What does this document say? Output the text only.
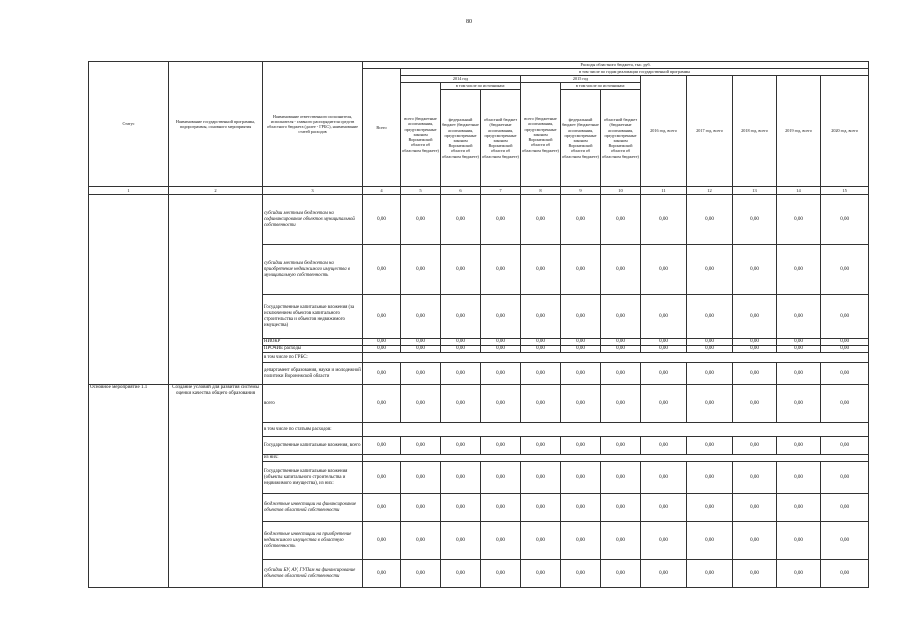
80
Статус	Наименование государственной программы, подпрограммы, основного мероприятия	Наименование ответственного исполнителя, исполнителя - главного распорядителя средств областного бюджета (далее - ГРБС), наименование статей расходов	Расходы областного бюджета, тыс. руб.											
			Всего	в том числе по годам реализации государственной программы										
				2014 год			2015 год			2016 год, всего	2017 год, всего	2018 год, всего	2019 год, всего	2020 год, всего
				всего (бюджетные ассигнования, предусмотренные законом Воронежской области об областном бюджете)	в том числе по источникам:		всего (бюджетные ассигнования, предусмотренные законом Воронежской области об областном бюджете)	в том числе по источникам:						
					федеральный бюджет (бюджетные ассигнования, предусмотренные законом Воронежской области об областном бюджете)	областной бюджет (бюджетные ассигнования, предусмотренные законом Воронежской области об областном бюджете)		федеральный бюджет (бюджетные ассигнования, предусмотренные законом Воронежской области об областном бюджете)	областной бюджет (бюджетные ассигнования, предусмотренные законом Воронежской области об областном бюджете)					
1	2	3	4	5	6	7	8	9	10	11	12	13	14	15
		субсидии местным бюджетам на софинансирование объектов муниципальной собственности	0,00	0,00	0,00	0,00	0,00	0,00	0,00	0,00	0,00	0,00	0,00	0,00
		субсидии местным бюджетам на приобретение недвижимого имущества в муниципальную собственность	0,00	0,00	0,00	0,00	0,00	0,00	0,00	0,00	0,00	0,00	0,00	0,00
		Государственные капитальные вложения (за исключением объектов капитального строительства и объектов недвижимого имущества)	0,00	0,00	0,00	0,00	0,00	0,00	0,00	0,00	0,00	0,00	0,00	0,00
		НИОКР	0,00	0,00	0,00	0,00	0,00	0,00	0,00	0,00	0,00	0,00	0,00	0,00
		ПРОЧИЕ расходы	0,00	0,00	0,00	0,00	0,00	0,00	0,00	0,00	0,00	0,00	0,00	0,00
		в том числе по ГРБС:												
		департамент образования, науки и молодежной политики Воронежской области	0,00	0,00	0,00	0,00	0,00	0,00	0,00	0,00	0,00	0,00	0,00	0,00
Основное мероприятие 1.1	Создание условий для развития системы оценки качества общего образования	всего	0,00	0,00	0,00	0,00	0,00	0,00	0,00	0,00	0,00	0,00	0,00	0,00
		в том числе по статьям расходов:												
		Государственные капитальные вложения, всего	0,00	0,00	0,00	0,00	0,00	0,00	0,00	0,00	0,00	0,00	0,00	0,00
		из них:												
		Государственные капитальные вложения (объекты капитального строительства и недвижимого имущества), из них:	0,00	0,00	0,00	0,00	0,00	0,00	0,00	0,00	0,00	0,00	0,00	0,00
		бюджетные инвестиции на финансирование объектов областной собственности	0,00	0,00	0,00	0,00	0,00	0,00	0,00	0,00	0,00	0,00	0,00	0,00
		бюджетные инвестиции на приобретение недвижимого имущества в областную собственность	0,00	0,00	0,00	0,00	0,00	0,00	0,00	0,00	0,00	0,00	0,00	0,00
		субсидии БУ, АУ, ГУПам на финансирование объектов областной собственности	0,00	0,00	0,00	0,00	0,00	0,00	0,00	0,00	0,00	0,00	0,00	0,00
